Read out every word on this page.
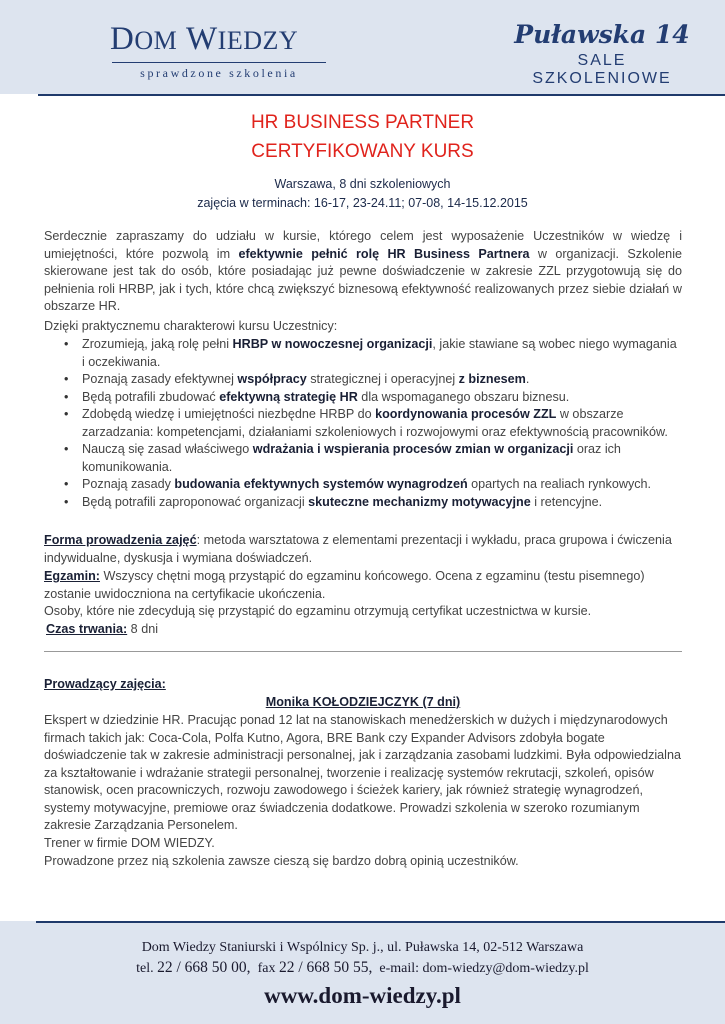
DOM WIEDZY
sprawdzone szkolenia
Puławska 14
SALE SZKOLENIOWE
HR BUSINESS PARTNER
CERTYFIKOWANY KURS
Warszawa, 8 dni szkoleniowych
zajęcia w terminach: 16-17, 23-24.11; 07-08, 14-15.12.2015
Serdecznie zapraszamy do udziału w kursie, którego celem jest wyposażenie Uczestników w wiedzę i umiejętności, które pozwolą im efektywnie pełnić rolę HR Business Partnera w organizacji. Szkolenie skierowane jest tak do osób, które posiadając już pewne doświadczenie w zakresie ZZL przygotowują się do pełnienia roli HRBP, jak i tych, które chcą zwiększyć biznesową efektywność realizowanych przez siebie działań w obszarze HR.
Dzięki praktycznemu charakterowi kursu Uczestnicy:
• Zrozumieją, jaką rolę pełni HRBP w nowoczesnej organizacji, jakie stawiane są wobec niego wymagania i oczekiwania.
• Poznają zasady efektywnej współpracy strategicznej i operacyjnej z biznesem.
• Będą potrafili zbudować efektywną strategię HR dla wspomaganego obszaru biznesu.
• Zdobędą wiedzę i umiejętności niezbędne HRBP do koordynowania procesów ZZL w obszarze zarzadzania: kompetencjami, działaniami szkoleniowych i rozwojowymi oraz efektywnością pracowników.
• Nauczą się zasad właściwego wdrażania i wspierania procesów zmian w organizacji oraz ich komunikowania.
• Poznają zasady budowania efektywnych systemów wynagrodzeń opartych na realiach rynkowych.
• Będą potrafili zaproponować organizacji skuteczne mechanizmy motywacyjne i retencyjne.
Forma prowadzenia zajęć: metoda warsztatowa z elementami prezentacji i wykładu, praca grupowa i ćwiczenia indywidualne, dyskusja i wymiana doświadczeń.
Egzamin: Wszyscy chętni mogą przystąpić do egzaminu końcowego. Ocena z egzaminu (testu pisemnego) zostanie uwidoczniona na certyfikacie ukończenia.
Osoby, które nie zdecydują się przystąpić do egzaminu otrzymują certyfikat uczestnictwa w kursie.
Czas trwania: 8 dni
Prowadzący zajęcia:
Monika KOŁODZIEJCZYK (7 dni)
Ekspert w dziedzinie HR. Pracując ponad 12 lat na stanowiskach menedżerskich w dużych i międzynarodowych firmach takich jak: Coca-Cola, Polfa Kutno, Agora, BRE Bank czy Expander Advisors zdobyła bogate doświadczenie tak w zakresie administracji personalnej, jak i zarządzania zasobami ludzkimi. Była odpowiedzialna za kształtowanie i wdrażanie strategii personalnej, tworzenie i realizację systemów rekrutacji, szkoleń, opisów stanowisk, ocen pracowniczych, rozwoju zawodowego i ścieżek kariery, jak również strategię wynagrodzeń, systemy motywacyjne, premiowe oraz świadczenia dodatkowe. Prowadzi szkolenia w szeroko rozumianym zakresie Zarządzania Personelem.
Trener w firmie DOM WIEDZY.
Prowadzone przez nią szkolenia zawsze cieszą się bardzo dobrą opinią uczestników.
Dom Wiedzy Staniurski i Wspólnicy Sp. j., ul. Puławska 14, 02-512 Warszawa
tel. 22 / 668 50 00, fax 22 / 668 50 55, e-mail: dom-wiedzy@dom-wiedzy.pl
www.dom-wiedzy.pl
